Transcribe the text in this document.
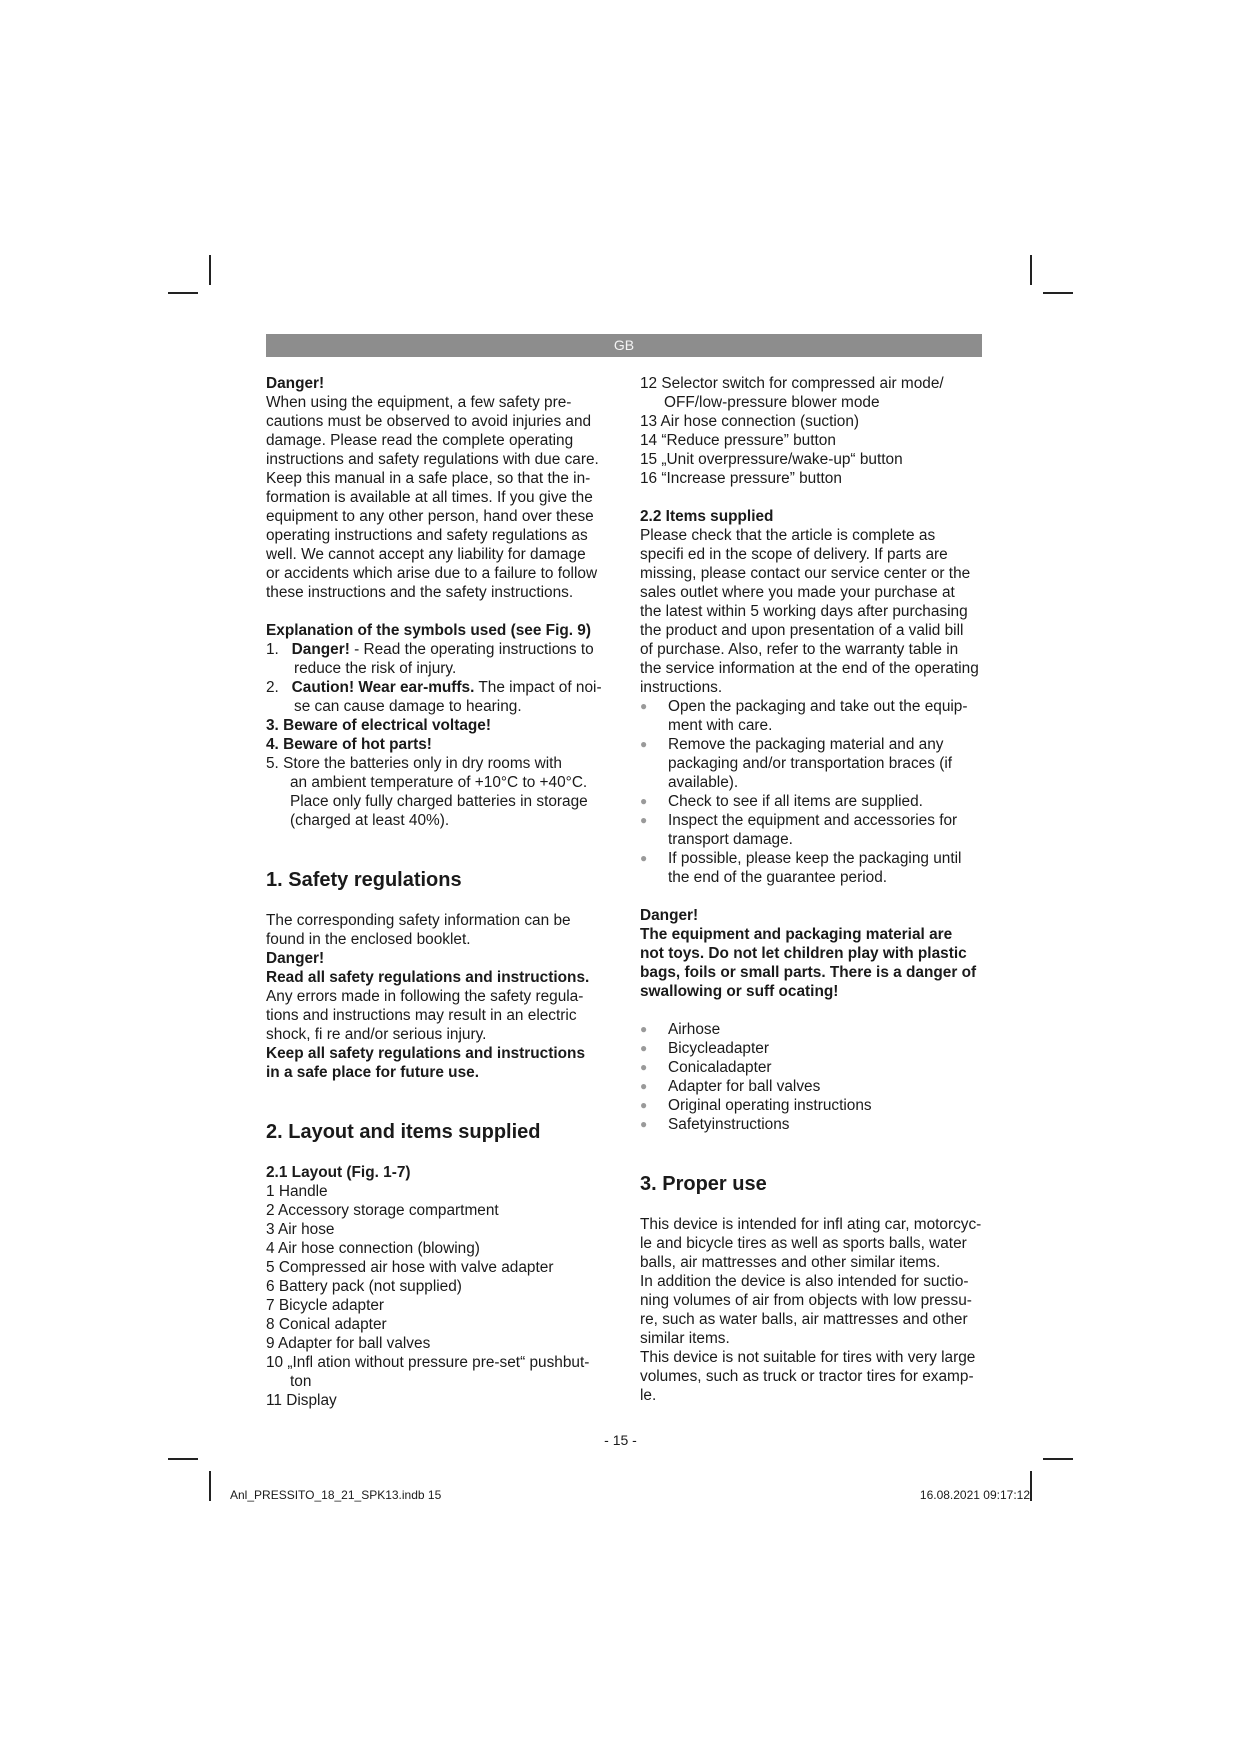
GB

Danger!

When using the equipment, a few safety pre-

cautions must be observed to avoid injuries and

damage. Please read the complete operating

instructions and safety regulations with due care.

Keep this manual in a safe place, so that the in-

formation is available at all times. If you give the

equipment to any other person, hand over these

operating instructions and safety regulations as

well. We cannot accept any liability for damage

or accidents which arise due to a failure to follow

these instructions and the safety instructions.

Explanation of the symbols used (see Fig. 9)

1. Danger! - Read the operating instructions to

reduce the risk of injury.

2. Caution! Wear ear-muffs. The impact of noi-

se can cause damage to hearing.

3. Beware of electrical voltage!

4. Beware of hot parts!

5. Store the batteries only in dry rooms with

an ambient temperature of +10°C to +40°C.

Place only fully charged batteries in storage

(charged at least 40%).

1. Safety regulations

The corresponding safety information can be

found in the enclosed booklet.

Danger!

Read all safety regulations and instructions.

Any errors made in following the safety regula-

tions and instructions may result in an electric

shock, fi re and/or serious injury.

Keep all safety regulations and instructions

in a safe place for future use.

2. Layout and items supplied

2.1 Layout (Fig. 1-7)

1 Handle

2 Accessory storage compartment

3 Air hose

4 Air hose connection (blowing)

5 Compressed air hose with valve adapter

6 Battery pack (not supplied)

7 Bicycle adapter

8 Conical adapter

9 Adapter for ball valves

10 „Infl ation without pressure pre-set“ pushbut-

ton

11 Display

12 Selector switch for compressed air mode/

OFF/low-pressure blower mode

13 Air hose connection (suction)

14 “Reduce pressure” button

15 „Unit overpressure/wake-up“ button

16 “Increase pressure” button

2.2 Items supplied

Please check that the article is complete as

specifi ed in the scope of delivery. If parts are

missing, please contact our service center or the

sales outlet where you made your purchase at

the latest within 5 working days after purchasing

the product and upon presentation of a valid bill

of purchase. Also, refer to the warranty table in

the service information at the end of the operating

instructions.

● Open the packaging and take out the equip-

ment with care.

● Remove the packaging material and any

packaging and/or transportation braces (if

available).

● Check to see if all items are supplied.

● Inspect the equipment and accessories for

transport damage.

● If possible, please keep the packaging until

the end of the guarantee period.

Danger!

The equipment and packaging material are

not toys. Do not let children play with plastic

bags, foils or small parts. There is a danger of

swallowing or suff ocating!

● Airhose

● Bicycleadapter

● Conicaladapter

● Adapter for ball valves

● Original operating instructions

● Safetyinstructions

3. Proper use

This device is intended for infl ating car, motorcyc-

le and bicycle tires as well as sports balls, water

balls, air mattresses and other similar items.

In addition the device is also intended for suctio-

ning volumes of air from objects with low pressu-

re, such as water balls, air mattresses and other

similar items.

This device is not suitable for tires with very large

volumes, such as truck or tractor tires for examp-

le.

- 15 -
Anl_PRESSITO_18_21_SPK13.indb 15	16.08.2021 09:17:12
